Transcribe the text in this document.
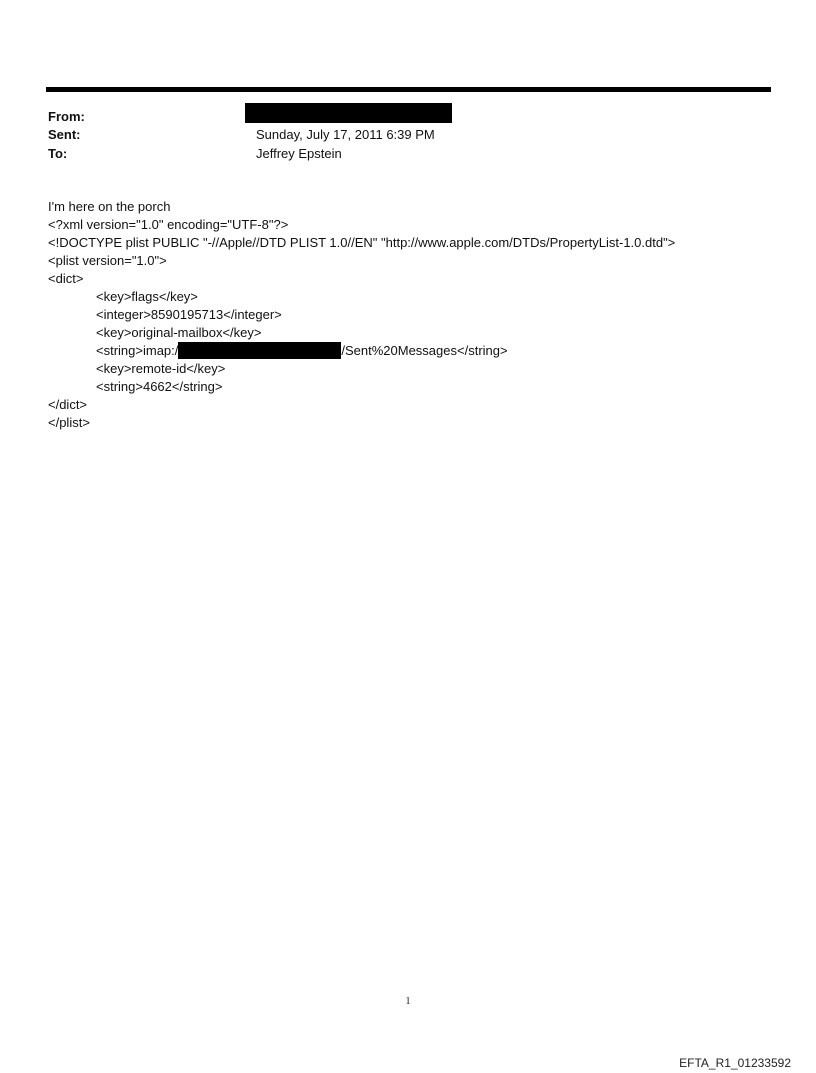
From:
Sent:	Sunday, July 17, 2011 6:39 PM
To:	Jeffrey Epstein
I'm here on the porch
<?xml version="1.0" encoding="UTF-8"?>
<!DOCTYPE plist PUBLIC "-//Apple//DTD PLIST 1.0//EN" "http://www.apple.com/DTDs/PropertyList-1.0.dtd">
<plist version="1.0">
<dict>
<key>flags</key>
<integer>8590195713</integer>
<key>original-mailbox</key>
<string>imap:/	/Sent%20Messages</string>
<key>remote-id</key>
<string>4662</string>
</dict>
</plist>
1
EFTA_R1_01233592
